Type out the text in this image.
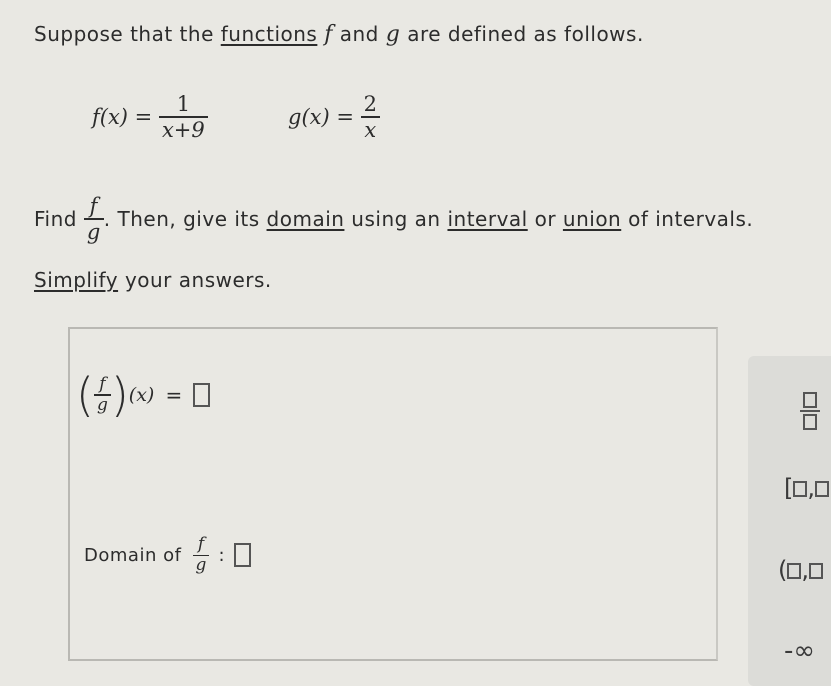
Suppose that the functions f and g are defined as follows.
$f(x) = \frac{1}{x+9}$	$g(x) = \frac{2}{x}$
Find $\frac{f}{g}$ . Then, give its domain using an interval or union of intervals.
Simplify your answers.
( $\frac{f}{g} )(x)$ =
Domain of $\frac{f}{g}$ :
[ ,
( ,
-∞
